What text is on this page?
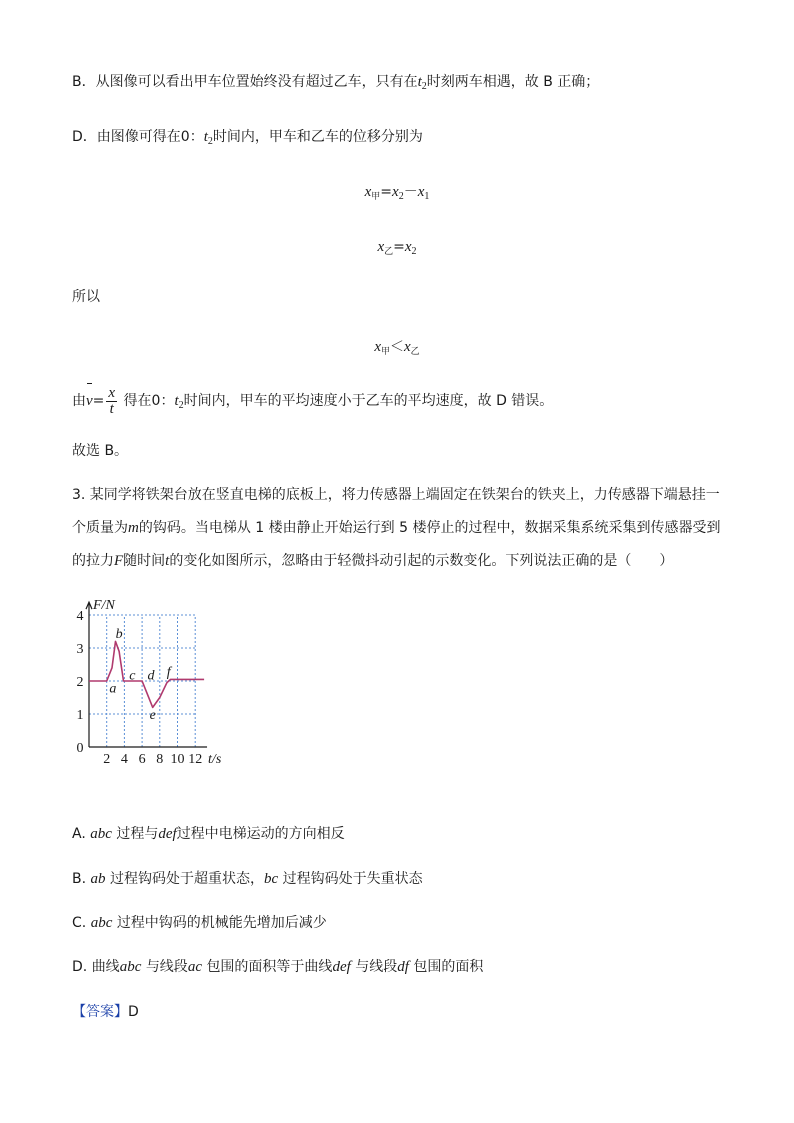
B．从图像可以看出甲车位置始终没有超过乙车，只有在$t_2$时刻两车相遇，故 B 正确；
D．由图像可得在0：$t_2$时间内，甲车和乙车的位移分别为
$x_甲=x_2-x_1$
$x_乙=x_2$
所以
$x_甲<x_乙$
由$v= \frac{x}{t}$ 得在0：$t_2$时间内，甲车的平均速度小于乙车的平均速度，故 D 错误。
故选 B。
3. 某同学将铁架台放在竖直电梯的底板上，将力传感器上端固定在铁架台的铁夹上，力传感器下端悬挂一个质量为m的钩码。当电梯从 1 楼由静止开始运行到 5 楼停止的过程中，数据采集系统采集到传感器受到的拉力F随时间t的变化如图所示，忽略由于轻微抖动引起的示数变化。下列说法正确的是（　　）
2 4 6 8 10 12
1
2
3
4
0
F/N
t/s
a
b
c d
e
f
A. abc 过程与def过程中电梯运动的方向相反
B. ab 过程钩码处于超重状态，bc 过程钩码处于失重状态
C. abc 过程中钩码的机械能先增加后减少
D. 曲线abc 与线段ac 包围的面积等于曲线def 与线段df 包围的面积
【答案】D
